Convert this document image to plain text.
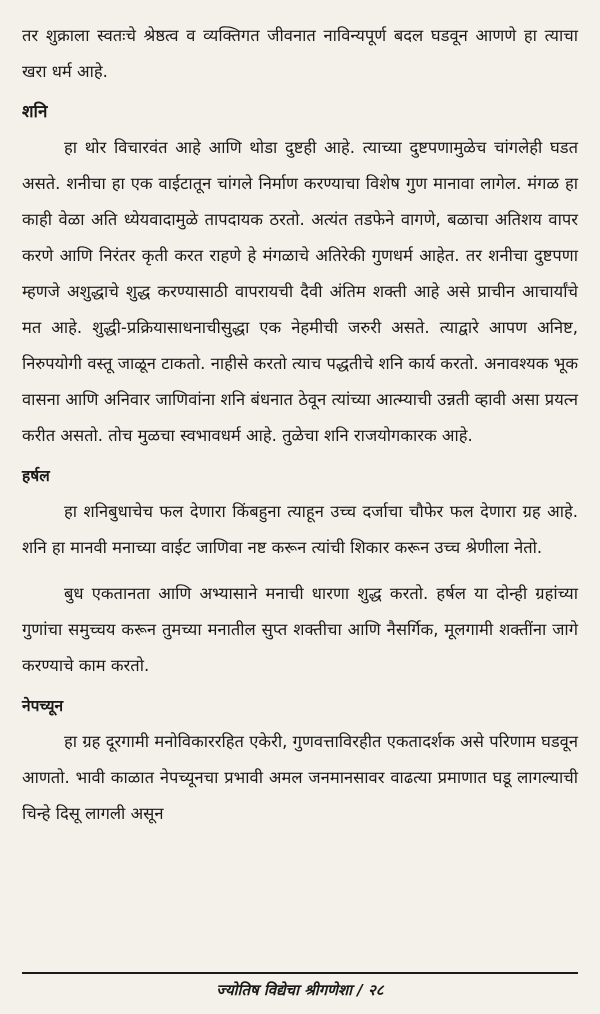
तर शुक्राला स्वतःचे श्रेष्ठत्व व व्यक्तिगत जीवनात नाविन्यपूर्ण बदल घडवून आणणे हा त्याचा खरा धर्म आहे.

शनि

हा थोर विचारवंत आहे आणि थोडा दुष्टही आहे. त्याच्या दुष्टपणामुळेच चांगलेही घडत असते. शनीचा हा एक वाईटातून चांगले निर्माण करण्याचा विशेष गुण मानावा लागेल. मंगळ हा काही वेळा अति ध्येयवादामुळे तापदायक ठरतो. अत्यंत तडफेने वागणे, बळाचा अतिशय वापर करणे आणि निरंतर कृती करत राहणे हे मंगळाचे अतिरेकी गुणधर्म आहेत. तर शनीचा दुष्टपणा म्हणजे अशुद्धाचे शुद्ध करण्यासाठी वापरायची दैवी अंतिम शक्ती आहे असे प्राचीन आचार्यांचे मत आहे. शुद्धी-प्रक्रियासाधनाचीसुद्धा एक नेहमीची जरुरी असते. त्याद्वारे आपण अनिष्ट, निरुपयोगी वस्तू जाळून टाकतो. नाहीसे करतो त्याच पद्धतीचे शनि कार्य करतो. अनावश्यक भूक वासना आणि अनिवार जाणिवांना शनि बंधनात ठेवून त्यांच्या आत्म्याची उन्नती व्हावी असा प्रयत्न करीत असतो. तोच मुळचा स्वभावधर्म आहे. तुळेचा शनि राजयोगकारक आहे.

हर्षल

हा शनिबुधाचेच फल देणारा किंबहुना त्याहून उच्च दर्जाचा चौफेर फल देणारा ग्रह आहे. शनि हा मानवी मनाच्या वाईट जाणिवा नष्ट करून त्यांची शिकार करून उच्च श्रेणीला नेतो.

बुध एकतानता आणि अभ्यासाने मनाची धारणा शुद्ध करतो. हर्षल या दोन्ही ग्रहांच्या गुणांचा समुच्चय करून तुमच्या मनातील सुप्त शक्तीचा आणि नैसर्गिक, मूलगामी शक्तींना जागे करण्याचे काम करतो.

नेपच्यून

हा ग्रह दूरगामी मनोविकाररहित एकेरी, गुणवत्ताविरहीत एकतादर्शक असे परिणाम घडवून आणतो. भावी काळात नेपच्यूनचा प्रभावी अमल जनमानसावर वाढत्या प्रमाणात घडू लागल्याची चिन्हे दिसू लागली असून

ज्योतिष विद्येचा श्रीगणेशा / २८
